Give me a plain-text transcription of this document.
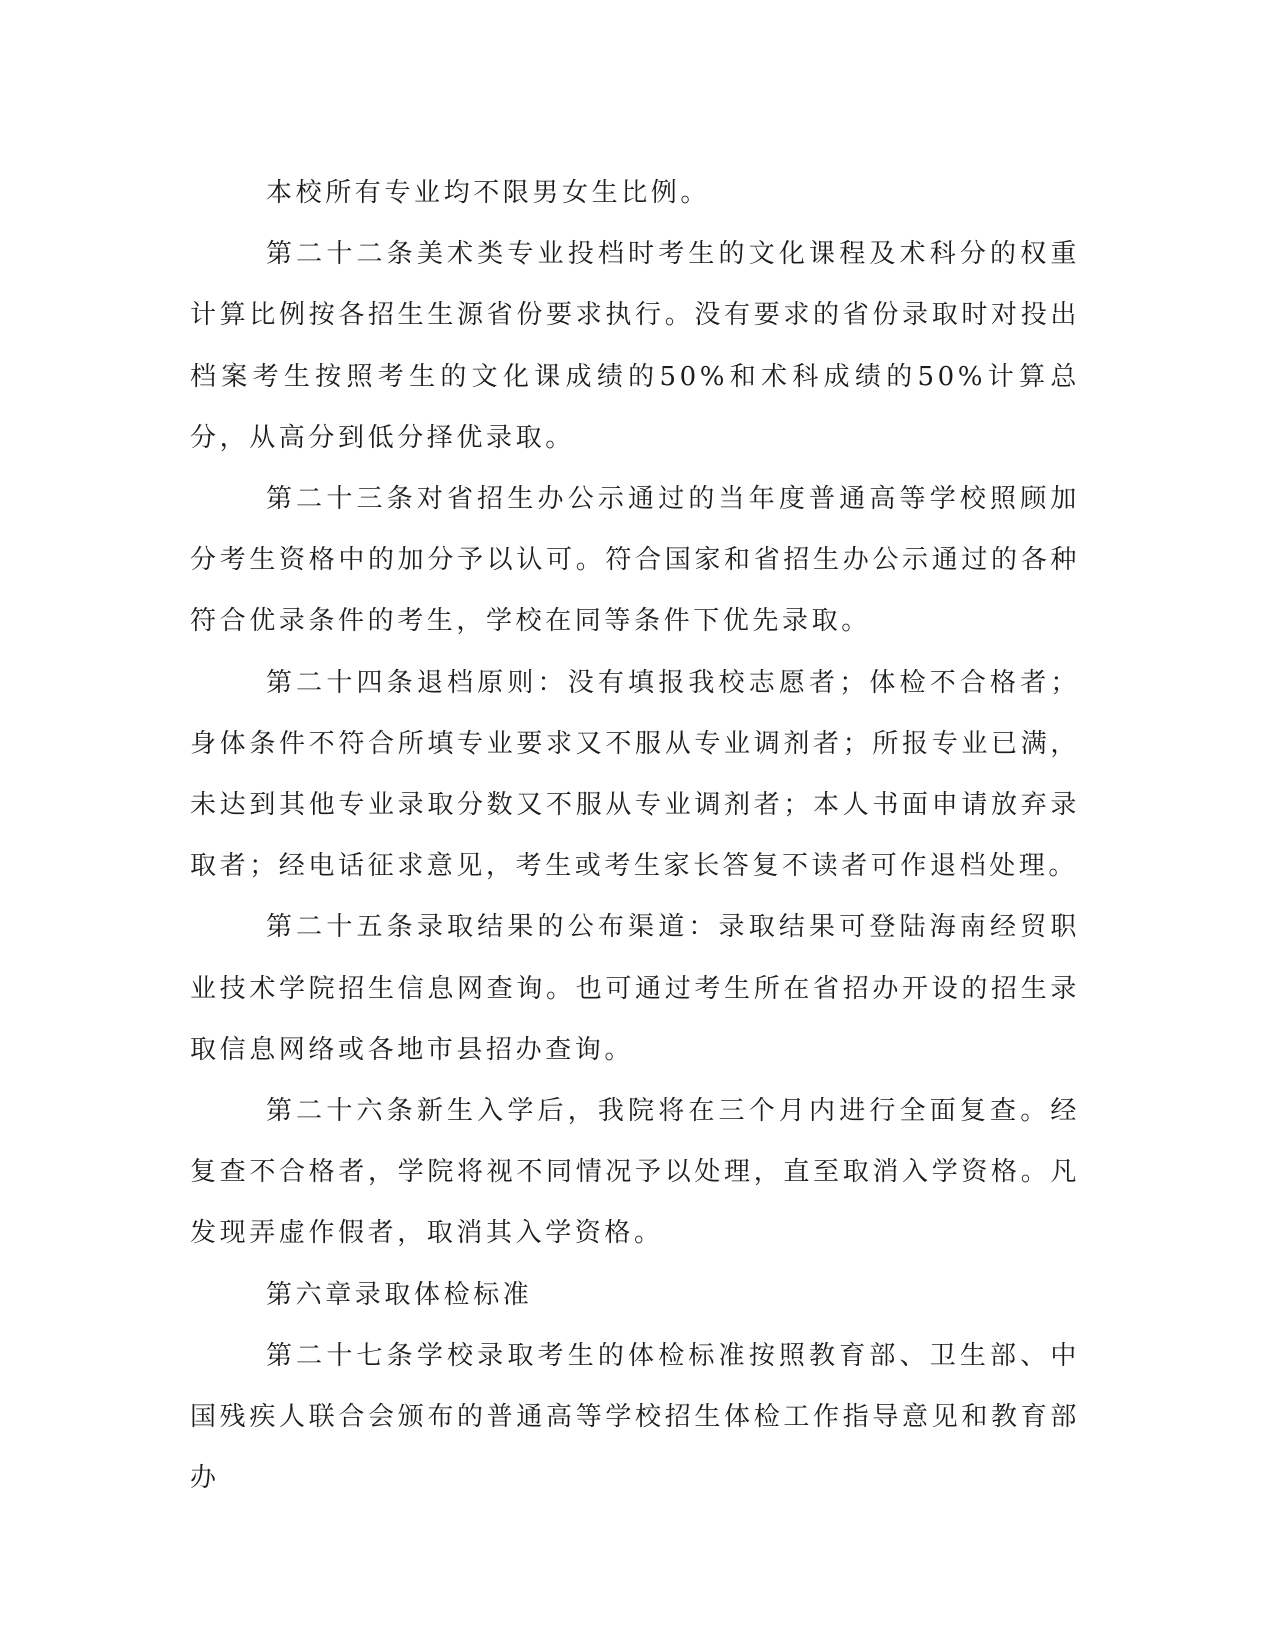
本校所有专业均不限男女生比例。

第二十二条美术类专业投档时考生的文化课程及术科分的权重计算比例按各招生生源省份要求执行。没有要求的省份录取时对投出档案考生按照考生的文化课成绩的50%和术科成绩的50%计算总分，从高分到低分择优录取。

第二十三条对省招生办公示通过的当年度普通高等学校照顾加分考生资格中的加分予以认可。符合国家和省招生办公示通过的各种符合优录条件的考生，学校在同等条件下优先录取。

第二十四条退档原则：没有填报我校志愿者；体检不合格者；身体条件不符合所填专业要求又不服从专业调剂者；所报专业已满，未达到其他专业录取分数又不服从专业调剂者；本人书面申请放弃录取者；经电话征求意见，考生或考生家长答复不读者可作退档处理。

第二十五条录取结果的公布渠道：录取结果可登陆海南经贸职业技术学院招生信息网查询。也可通过考生所在省招办开设的招生录取信息网络或各地市县招办查询。

第二十六条新生入学后，我院将在三个月内进行全面复查。经复查不合格者，学院将视不同情况予以处理，直至取消入学资格。凡发现弄虚作假者，取消其入学资格。

第六章录取体检标准

第二十七条学校录取考生的体检标准按照教育部、卫生部、中国残疾人联合会颁布的普通高等学校招生体检工作指导意见和教育部办
